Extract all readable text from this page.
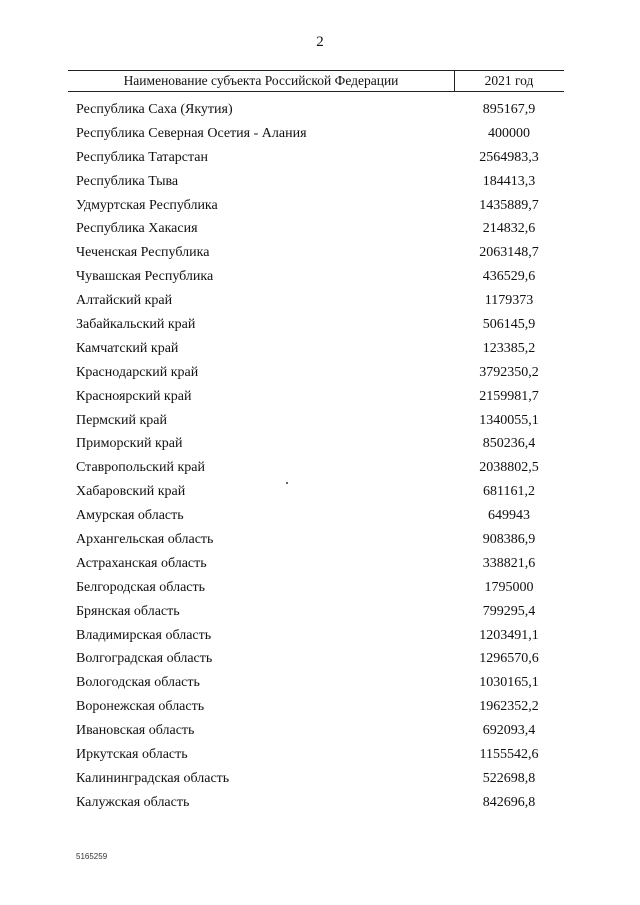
2
Наименование субъекта Российской Федерации	2021 год
Республика Саха (Якутия)	895167,9
Республика Северная Осетия - Алания	400000
Республика Татарстан	2564983,3
Республика Тыва	184413,3
Удмуртская Республика	1435889,7
Республика Хакасия	214832,6
Чеченская Республика	2063148,7
Чувашская Республика	436529,6
Алтайский край	1179373
Забайкальский край	506145,9
Камчатский край	123385,2
Краснодарский край	3792350,2
Красноярский край	2159981,7
Пермский край	1340055,1
Приморский край	850236,4
Ставропольский край	2038802,5
Хабаровский край	681161,2
Амурская область	649943
Архангельская область	908386,9
Астраханская область	338821,6
Белгородская область	1795000
Брянская область	799295,4
Владимирская область	1203491,1
Волгоградская область	1296570,6
Вологодская область	1030165,1
Воронежская область	1962352,2
Ивановская область	692093,4
Иркутская область	1155542,6
Калининградская область	522698,8
Калужская область	842696,8
5165259
